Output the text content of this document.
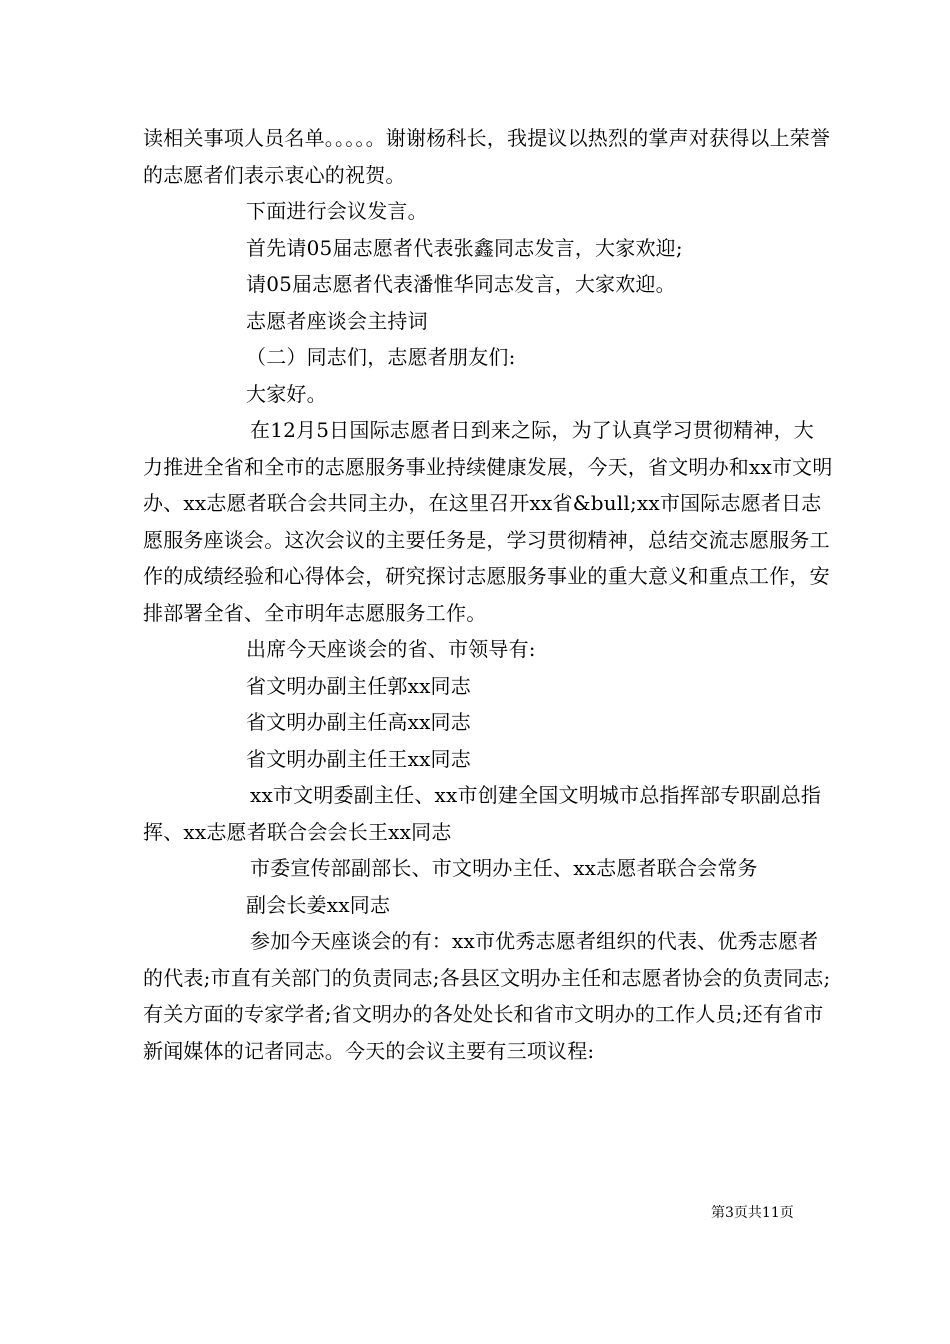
读相关事项人员名单。。。。。谢谢杨科长，我提议以热烈的掌声对获得以上荣誉的志愿者们表示衷心的祝贺。

下面进行会议发言。

首先请05届志愿者代表张鑫同志发言，大家欢迎;

请05届志愿者代表潘惟华同志发言，大家欢迎。

志愿者座谈会主持词

（二）同志们，志愿者朋友们:

大家好。

在12月5日国际志愿者日到来之际，为了认真学习贯彻精神，大力推进全省和全市的志愿服务事业持续健康发展，今天，省文明办和xx市文明办、xx志愿者联合会共同主办，在这里召开xx省&bull;xx市国际志愿者日志愿服务座谈会。这次会议的主要任务是，学习贯彻精神，总结交流志愿服务工作的成绩经验和心得体会，研究探讨志愿服务事业的重大意义和重点工作，安排部署全省、全市明年志愿服务工作。

出席今天座谈会的省、市领导有:

省文明办副主任郭xx同志

省文明办副主任高xx同志

省文明办副主任王xx同志

xx市文明委副主任、xx市创建全国文明城市总指挥部专职副总指挥、xx志愿者联合会会长王xx同志

市委宣传部副部长、市文明办主任、xx志愿者联合会常务

副会长姜xx同志

参加今天座谈会的有：xx市优秀志愿者组织的代表、优秀志愿者的代表;市直有关部门的负责同志;各县区文明办主任和志愿者协会的负责同志;有关方面的专家学者;省文明办的各处处长和省市文明办的工作人员;还有省市新闻媒体的记者同志。今天的会议主要有三项议程:

第3页共11页
